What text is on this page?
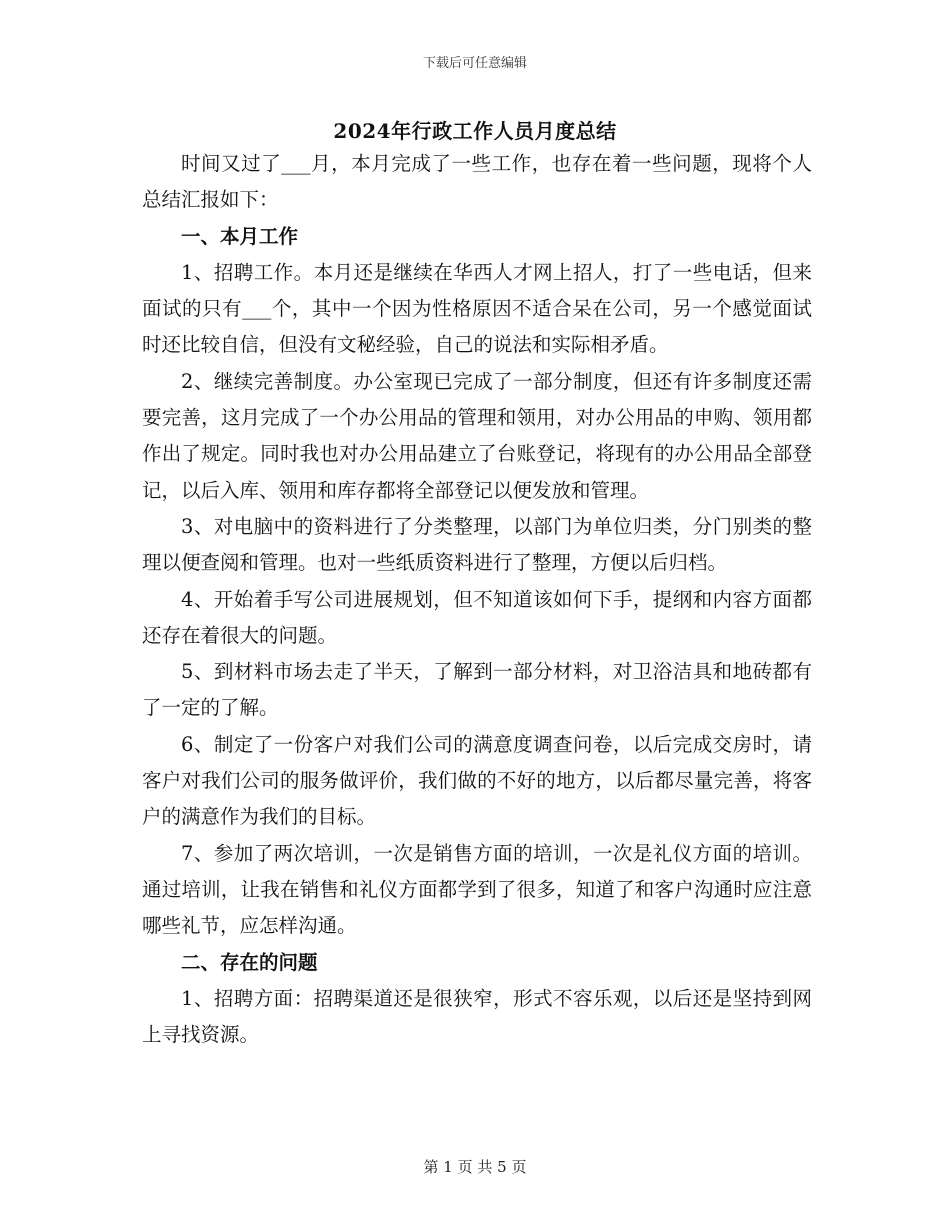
下载后可任意编辑
2024年行政工作人员月度总结

时间又过了___月，本月完成了一些工作，也存在着一些问题，现将个人总结汇报如下：

一、本月工作

1、招聘工作。本月还是继续在华西人才网上招人，打了一些电话，但来面试的只有___个，其中一个因为性格原因不适合呆在公司，另一个感觉面试时还比较自信，但没有文秘经验，自己的说法和实际相矛盾。

2、继续完善制度。办公室现已完成了一部分制度，但还有许多制度还需要完善，这月完成了一个办公用品的管理和领用，对办公用品的申购、领用都作出了规定。同时我也对办公用品建立了台账登记，将现有的办公用品全部登记，以后入库、领用和库存都将全部登记以便发放和管理。

3、对电脑中的资料进行了分类整理，以部门为单位归类，分门别类的整理以便查阅和管理。也对一些纸质资料进行了整理，方便以后归档。

4、开始着手写公司进展规划，但不知道该如何下手，提纲和内容方面都还存在着很大的问题。

5、到材料市场去走了半天，了解到一部分材料，对卫浴洁具和地砖都有了一定的了解。

6、制定了一份客户对我们公司的满意度调查问卷，以后完成交房时，请客户对我们公司的服务做评价，我们做的不好的地方，以后都尽量完善，将客户的满意作为我们的目标。

7、参加了两次培训，一次是销售方面的培训，一次是礼仪方面的培训。通过培训，让我在销售和礼仪方面都学到了很多，知道了和客户沟通时应注意哪些礼节，应怎样沟通。

二、存在的问题

1、招聘方面：招聘渠道还是很狭窄，形式不容乐观，以后还是坚持到网上寻找资源。

第 1 页 共 5 页
